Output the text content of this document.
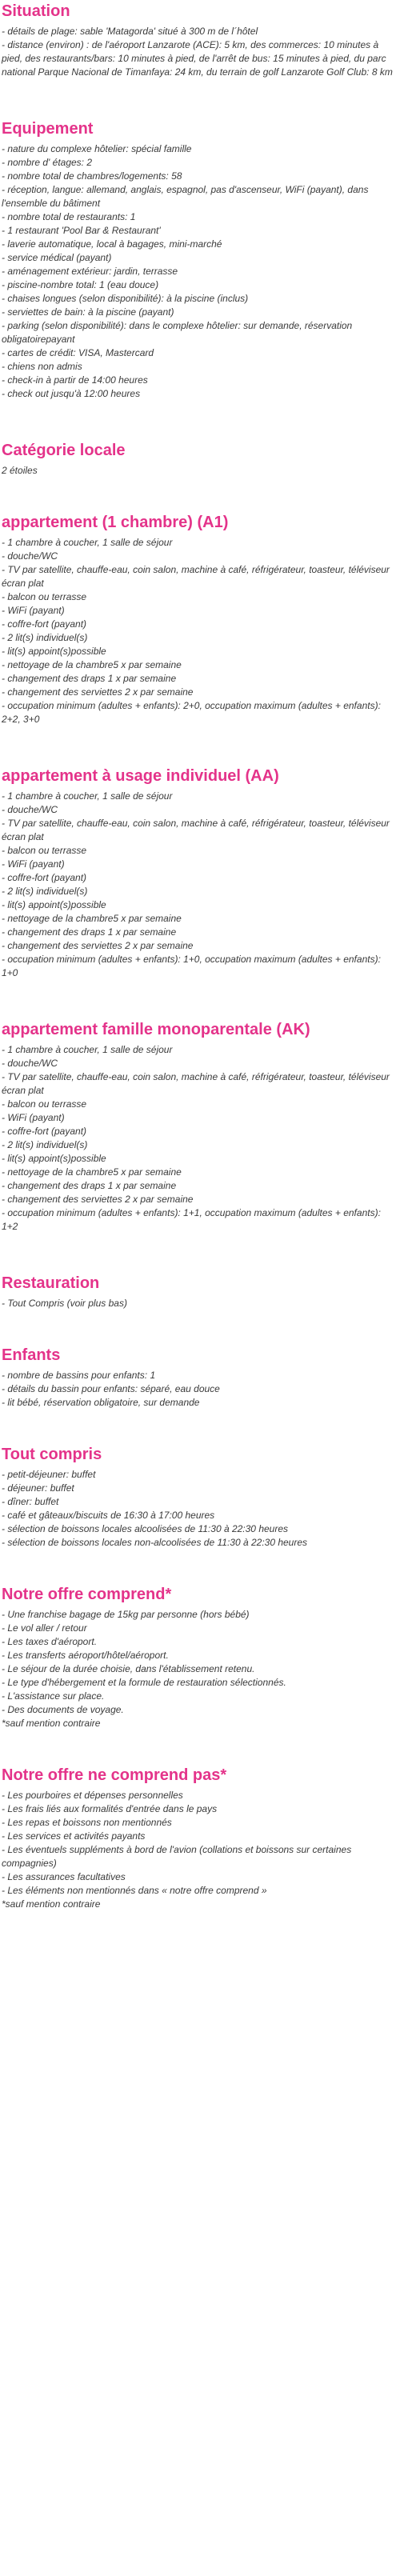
Situation
- détails de plage: sable 'Matagorda' situé à 300 m de l´hôtel
- distance (environ) : de l'aéroport Lanzarote (ACE): 5 km, des commerces: 10 minutes à pied, des restaurants/bars: 10 minutes à pied, de l'arrêt de bus: 15 minutes à pied, du parc national Parque Nacional de Timanfaya: 24 km, du terrain de golf Lanzarote Golf Club: 8 km
Equipement
- nature du complexe hôtelier: spécial famille
- nombre d' étages: 2
- nombre total de chambres/logements: 58
- réception, langue: allemand, anglais, espagnol, pas d'ascenseur, WiFi (payant), dans l'ensemble du bâtiment
- nombre total de restaurants: 1
- 1 restaurant 'Pool Bar & Restaurant'
- laverie automatique, local à bagages, mini-marché
- service médical (payant)
- aménagement extérieur: jardin, terrasse
- piscine-nombre total: 1 (eau douce)
- chaises longues (selon disponibilité): à la piscine (inclus)
- serviettes de bain: à la piscine (payant)
- parking (selon disponibilité): dans le complexe hôtelier: sur demande, réservation obligatoirepayant
- cartes de crédit: VISA, Mastercard
- chiens non admis
- check-in à partir de 14:00 heures
- check out jusqu'à 12:00 heures
Catégorie locale
2 étoiles
appartement (1 chambre) (A1)
- 1 chambre à coucher, 1 salle de séjour
- douche/WC
- TV par satellite, chauffe-eau, coin salon, machine à café, réfrigérateur, toasteur, téléviseur écran plat
- balcon ou terrasse
- WiFi (payant)
- coffre-fort (payant)
- 2 lit(s) individuel(s)
- lit(s) appoint(s)possible
- nettoyage de la chambre5 x par semaine
- changement des draps 1 x par semaine
- changement des serviettes 2 x par semaine
- occupation minimum (adultes + enfants): 2+0, occupation maximum (adultes + enfants): 2+2, 3+0
appartement à usage individuel (AA)
- 1 chambre à coucher, 1 salle de séjour
- douche/WC
- TV par satellite, chauffe-eau, coin salon, machine à café, réfrigérateur, toasteur, téléviseur écran plat
- balcon ou terrasse
- WiFi (payant)
- coffre-fort (payant)
- 2 lit(s) individuel(s)
- lit(s) appoint(s)possible
- nettoyage de la chambre5 x par semaine
- changement des draps 1 x par semaine
- changement des serviettes 2 x par semaine
- occupation minimum (adultes + enfants): 1+0, occupation maximum (adultes + enfants): 1+0
appartement famille monoparentale (AK)
- 1 chambre à coucher, 1 salle de séjour
- douche/WC
- TV par satellite, chauffe-eau, coin salon, machine à café, réfrigérateur, toasteur, téléviseur écran plat
- balcon ou terrasse
- WiFi (payant)
- coffre-fort (payant)
- 2 lit(s) individuel(s)
- lit(s) appoint(s)possible
- nettoyage de la chambre5 x par semaine
- changement des draps 1 x par semaine
- changement des serviettes 2 x par semaine
- occupation minimum (adultes + enfants): 1+1, occupation maximum (adultes + enfants): 1+2
Restauration
- Tout Compris (voir plus bas)
Enfants
- nombre de bassins pour enfants: 1
- détails du bassin pour enfants: séparé, eau douce
- lit bébé, réservation obligatoire, sur demande
Tout compris
- petit-déjeuner: buffet
- déjeuner: buffet
- dîner: buffet
- café et gâteaux/biscuits de 16:30 à 17:00 heures
- sélection de boissons locales alcoolisées de 11:30 à 22:30 heures
- sélection de boissons locales non-alcoolisées de 11:30 à 22:30 heures
Notre offre comprend*
- Une franchise bagage de 15kg par personne (hors bébé)
- Le vol aller / retour
- Les taxes d'aéroport.
- Les transferts aéroport/hôtel/aéroport.
- Le séjour de la durée choisie, dans l'établissement retenu.
- Le type d'hébergement et la formule de restauration sélectionnés.
- L'assistance sur place.
- Des documents de voyage.
*sauf mention contraire
Notre offre ne comprend pas*
- Les pourboires et dépenses personnelles
- Les frais liés aux formalités d'entrée dans le pays
- Les repas et boissons non mentionnés
- Les services et activités payants
- Les éventuels suppléments à bord de l'avion (collations et boissons sur certaines compagnies)
- Les assurances facultatives
- Les éléments non mentionnés dans « notre offre comprend »
*sauf mention contraire
